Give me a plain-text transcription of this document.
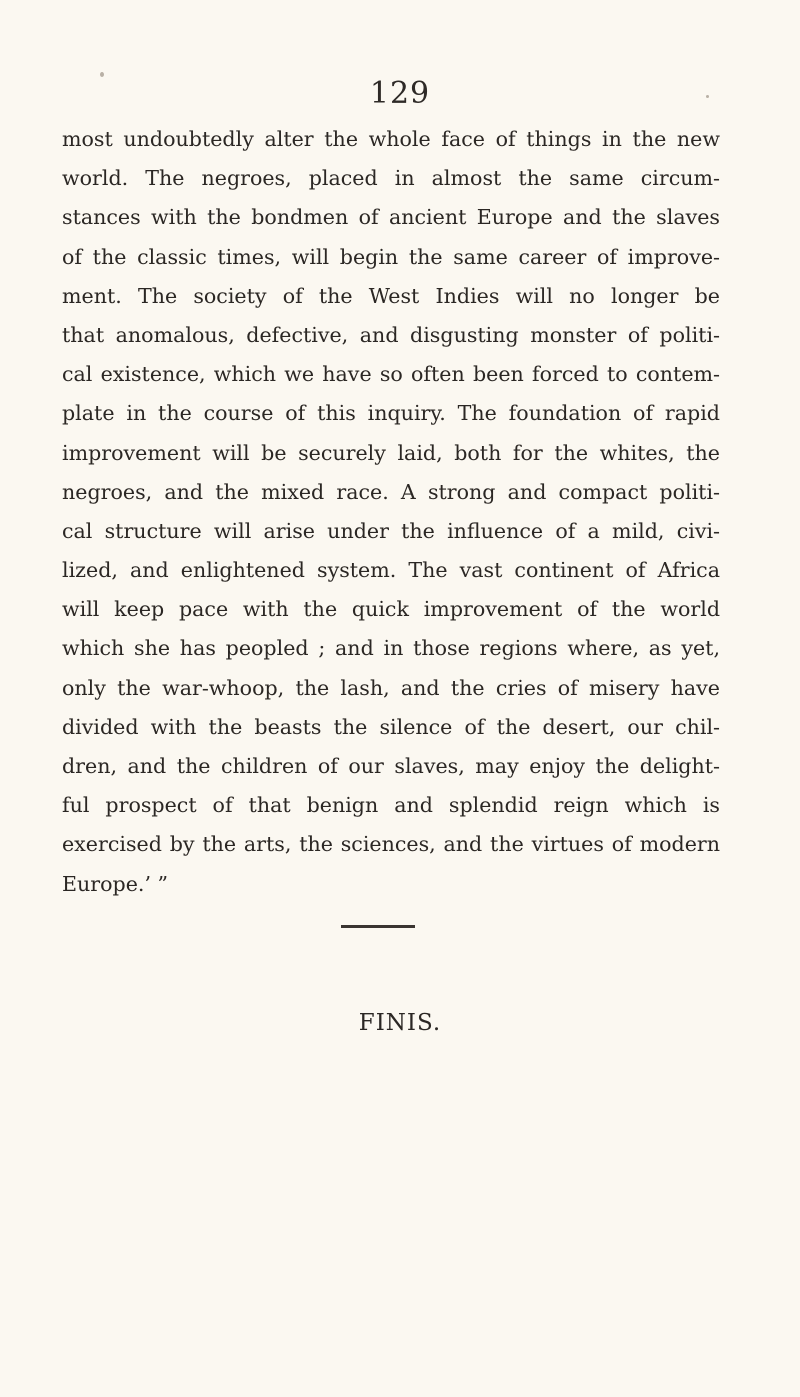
129
most undoubtedly alter the whole face of things in the new
world. The negroes, placed in almost the same circum-
stances with the bondmen of ancient Europe and the slaves
of the classic times, will begin the same career of improve-
ment. The society of the West Indies will no longer be
that anomalous, defective, and disgusting monster of politi-
cal existence, which we have so often been forced to contem-
plate in the course of this inquiry. The foundation of rapid
improvement will be securely laid, both for the whites, the
negroes, and the mixed race. A strong and compact politi-
cal structure will arise under the influence of a mild, civi-
lized, and enlightened system. The vast continent of Africa
will keep pace with the quick improvement of the world
which she has peopled ; and in those regions where, as yet,
only the war-whoop, the lash, and the cries of misery have
divided with the beasts the silence of the desert, our chil-
dren, and the children of our slaves, may enjoy the delight-
ful prospect of that benign and splendid reign which is
exercised by the arts, the sciences, and the virtues of modern
Europe.’ ”
FINIS.
